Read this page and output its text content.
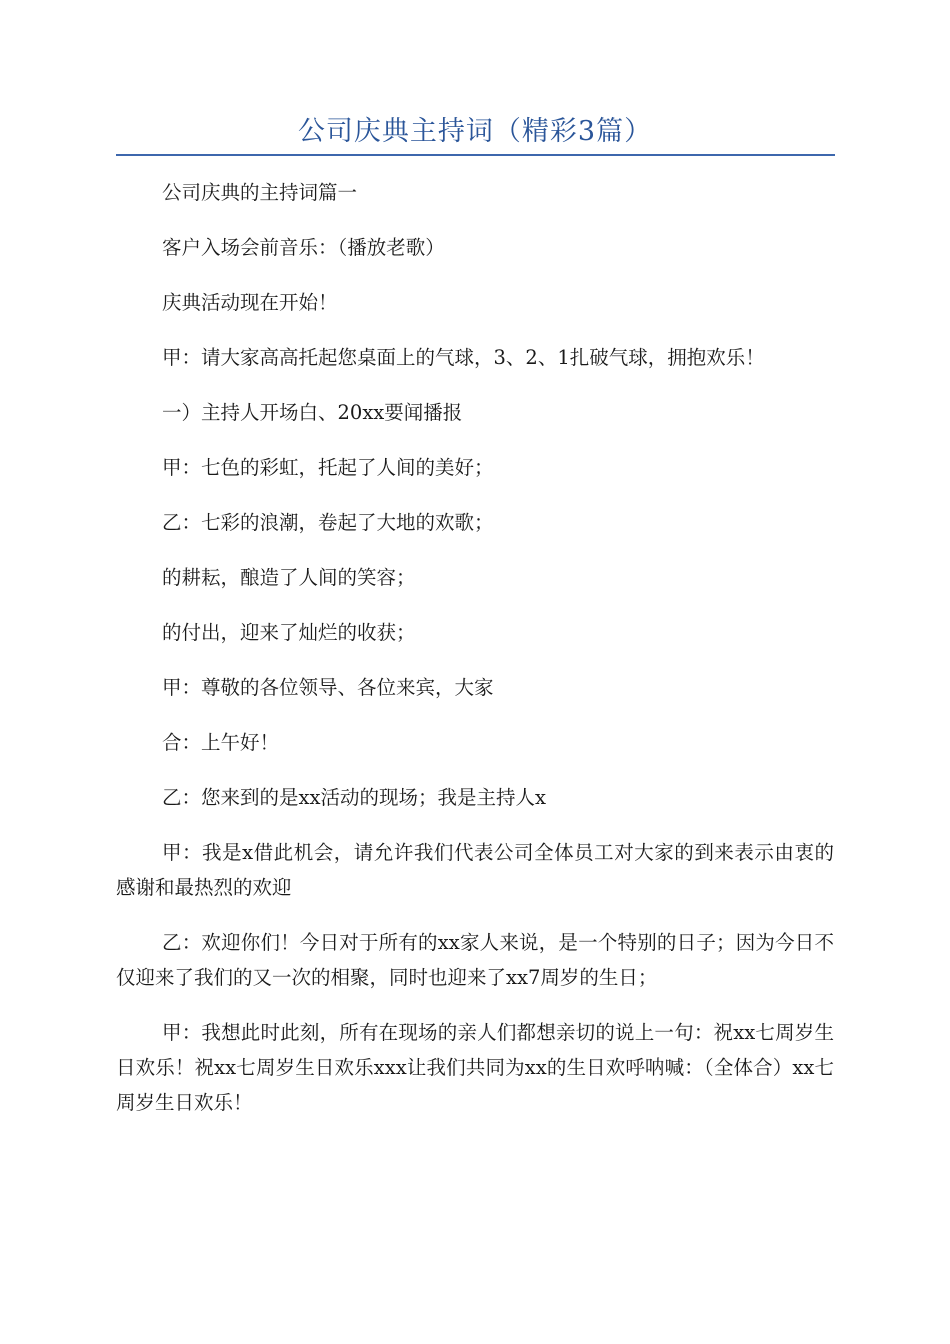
公司庆典主持词（精彩3篇）

公司庆典的主持词篇一

客户入场会前音乐：（播放老歌）

庆典活动现在开始！

甲：请大家高高托起您桌面上的气球，3、2、1扎破气球，拥抱欢乐！

一）主持人开场白、20xx要闻播报

甲：七色的彩虹，托起了人间的美好；

乙：七彩的浪潮，卷起了大地的欢歌；

的耕耘，酿造了人间的笑容；

的付出，迎来了灿烂的收获；

甲：尊敬的各位领导、各位来宾，大家

合：上午好！

乙：您来到的是xx活动的现场；我是主持人x

甲：我是x借此机会，请允许我们代表公司全体员工对大家的到来表示由衷的感谢和最热烈的欢迎

乙：欢迎你们！今日对于所有的xx家人来说，是一个特别的日子；因为今日不仅迎来了我们的又一次的相聚，同时也迎来了xx7周岁的生日；

甲：我想此时此刻，所有在现场的亲人们都想亲切的说上一句：祝xx七周岁生日欢乐！祝xx七周岁生日欢乐xxx让我们共同为xx的生日欢呼呐喊：（全体合）xx七周岁生日欢乐！
